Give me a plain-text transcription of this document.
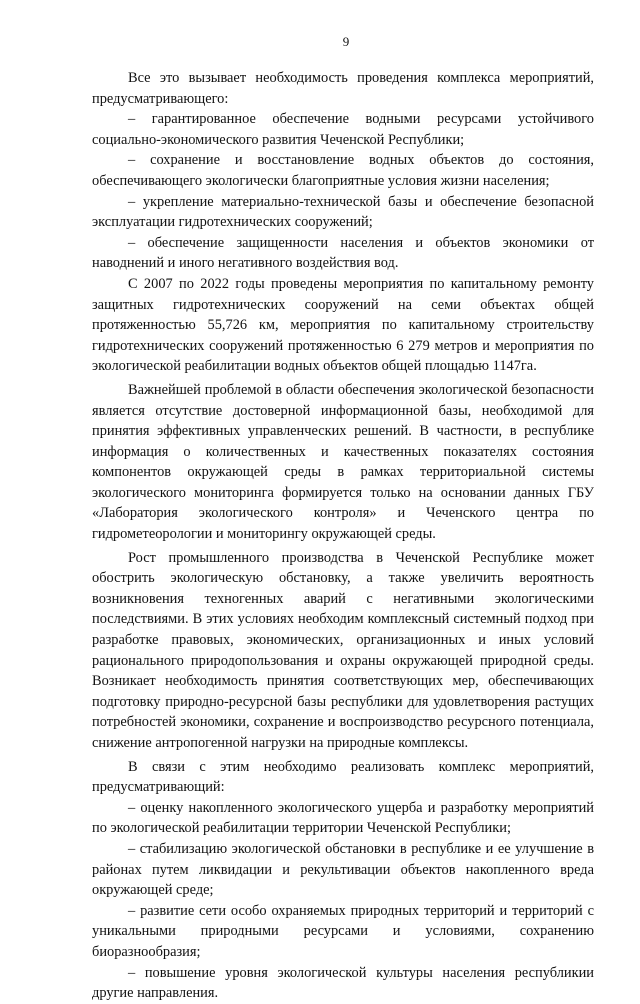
9

Все это вызывает необходимость проведения комплекса мероприятий, предусматривающего:

– гарантированное обеспечение водными ресурсами устойчивого социально-экономического развития Чеченской Республики;

– сохранение и восстановление водных объектов до состояния, обеспечивающего экологически благоприятные условия жизни населения;

– укрепление материально-технической базы и обеспечение безопасной эксплуатации гидротехнических сооружений;

– обеспечение защищенности населения и объектов экономики от наводнений и иного негативного воздействия вод.

С 2007 по 2022 годы проведены мероприятия по капитальному ремонту защитных гидротехнических сооружений на семи объектах общей протяженностью 55,726 км, мероприятия по капитальному строительству гидротехнических сооружений протяженностью 6 279 метров и мероприятия по экологической реабилитации водных объектов общей площадью 1147га.

Важнейшей проблемой в области обеспечения экологической безопасности является отсутствие достоверной информационной базы, необходимой для принятия эффективных управленческих решений. В частности, в республике информация о количественных и качественных показателях состояния компонентов окружающей среды в рамках территориальной системы экологического мониторинга формируется только на основании данных ГБУ «Лаборатория экологического контроля» и Чеченского центра по гидрометеорологии и мониторингу окружающей среды.

Рост промышленного производства в Чеченской Республике может обострить экологическую обстановку, а также увеличить вероятность возникновения техногенных аварий с негативными экологическими последствиями. В этих условиях необходим комплексный системный подход при разработке правовых, экономических, организационных и иных условий рационального природопользования и охраны окружающей природной среды. Возникает необходимость принятия соответствующих мер, обеспечивающих подготовку природно-ресурсной базы республики для удовлетворения растущих потребностей экономики, сохранение и воспроизводство ресурсного потенциала, снижение антропогенной нагрузки на природные комплексы.

В связи с этим необходимо реализовать комплекс мероприятий, предусматривающий:

– оценку накопленного экологического ущерба и разработку мероприятий по экологической реабилитации территории Чеченской Республики;

– стабилизацию экологической обстановки в республике и ее улучшение в районах путем ликвидации и рекультивации объектов накопленного вреда окружающей среде;

– развитие сети особо охраняемых природных территорий и территорий с уникальными природными ресурсами и условиями, сохранению биоразнообразия;

– повышение уровня экологической культуры населения республикии другие направления.
